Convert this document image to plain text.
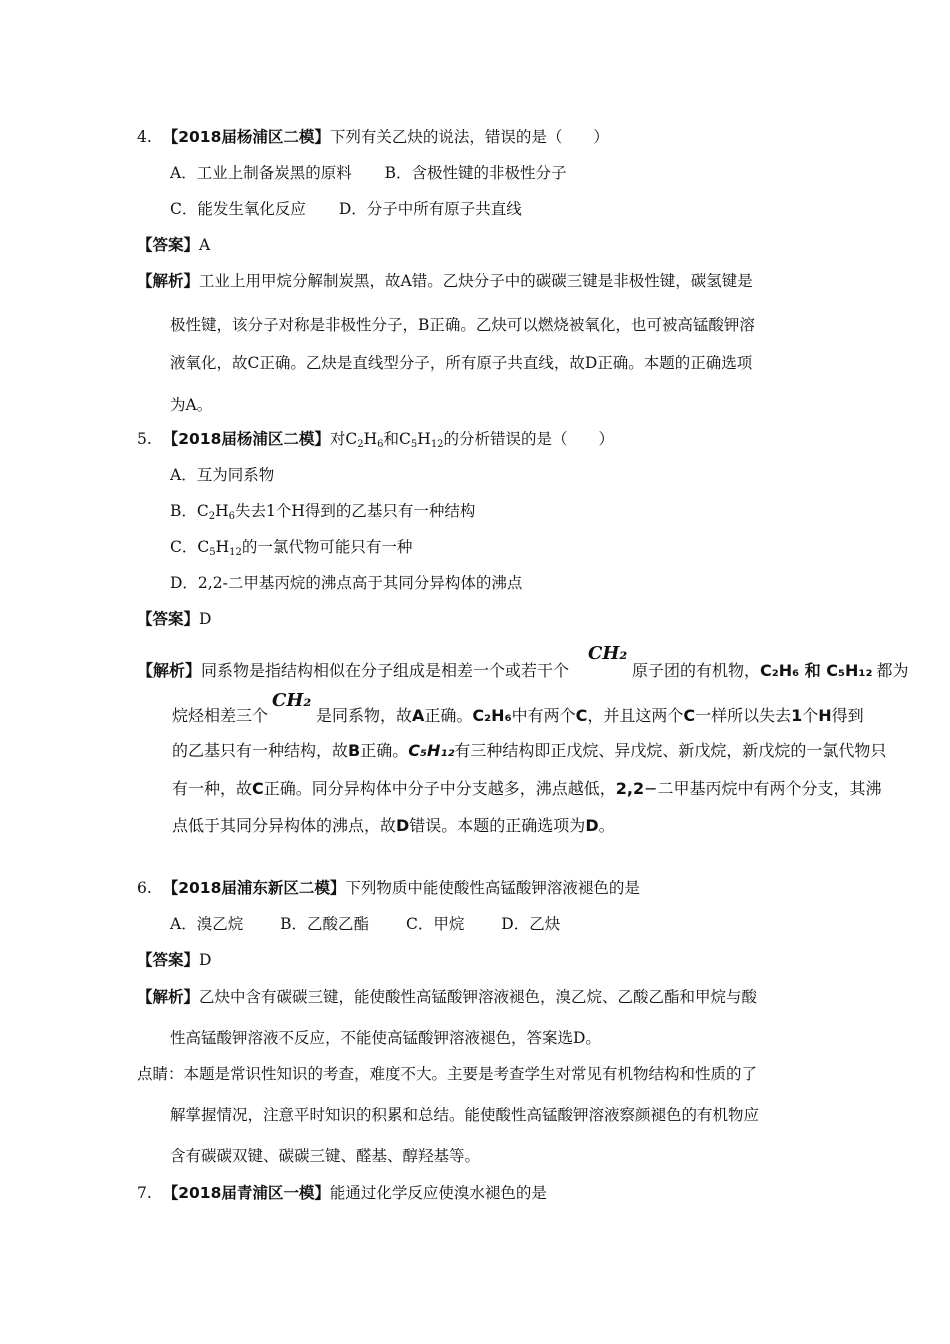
4. 【2018届杨浦区二模】下列有关乙炔的说法，错误的是（　　）
A．工业上制备炭黑的原料 B．含极性键的非极性分子
C．能发生氧化反应 D．分子中所有原子共直线
【答案】A
【解析】工业上用甲烷分解制炭黑，故A错。乙炔分子中的碳碳三键是非极性键，碳氢键是
极性键，该分子对称是非极性分子，B正确。乙炔可以燃烧被氧化，也可被高锰酸钾溶
液氧化，故C正确。乙炔是直线型分子，所有原子共直线，故D正确。本题的正确选项
为A。
5. 【2018届杨浦区二模】对$C_2H_6$和$C_5H_{12}$的分析错误的是（　　）
A．互为同系物
B．$C_2H_6$失去1个H得到的乙基只有一种结构
C．$C_5H_{12}$的一氯代物可能只有一种
D．2,2-二甲基丙烷的沸点高于其同分异构体的沸点
【答案】D
【解析】同系物是指结构相似在分子组成是相差一个或若干个
CH₂
原子团的有机物，C₂H₆ 和 C₅H₁₂ 都为
烷烃相差三个
CH₂
是同系物，故A正确。C₂H₆中有两个C，并且这两个C一样所以失去1个H得到
的乙基只有一种结构，故B正确。C₅H₁₂有三种结构即正戊烷、异戊烷、新戊烷，新戊烷的一氯代物只
有一种，故C正确。同分异构体中分子中分支越多，沸点越低，2,2−二甲基丙烷中有两个分支，其沸
点低于其同分异构体的沸点，故D错误。本题的正确选项为D。
6. 【2018届浦东新区二模】下列物质中能使酸性高锰酸钾溶液褪色的是
A．溴乙烷 B．乙酸乙酯 C．甲烷 D．乙炔
【答案】D
【解析】乙炔中含有碳碳三键，能使酸性高锰酸钾溶液褪色，溴乙烷、乙酸乙酯和甲烷与酸
性高锰酸钾溶液不反应，不能使高锰酸钾溶液褪色，答案选D。
点睛：本题是常识性知识的考查，难度不大。主要是考查学生对常见有机物结构和性质的了
解掌握情况，注意平时知识的积累和总结。能使酸性高锰酸钾溶液察颜褪色的有机物应
含有碳碳双键、碳碳三键、醛基、醇羟基等。
7. 【2018届青浦区一模】能通过化学反应使溴水褪色的是
